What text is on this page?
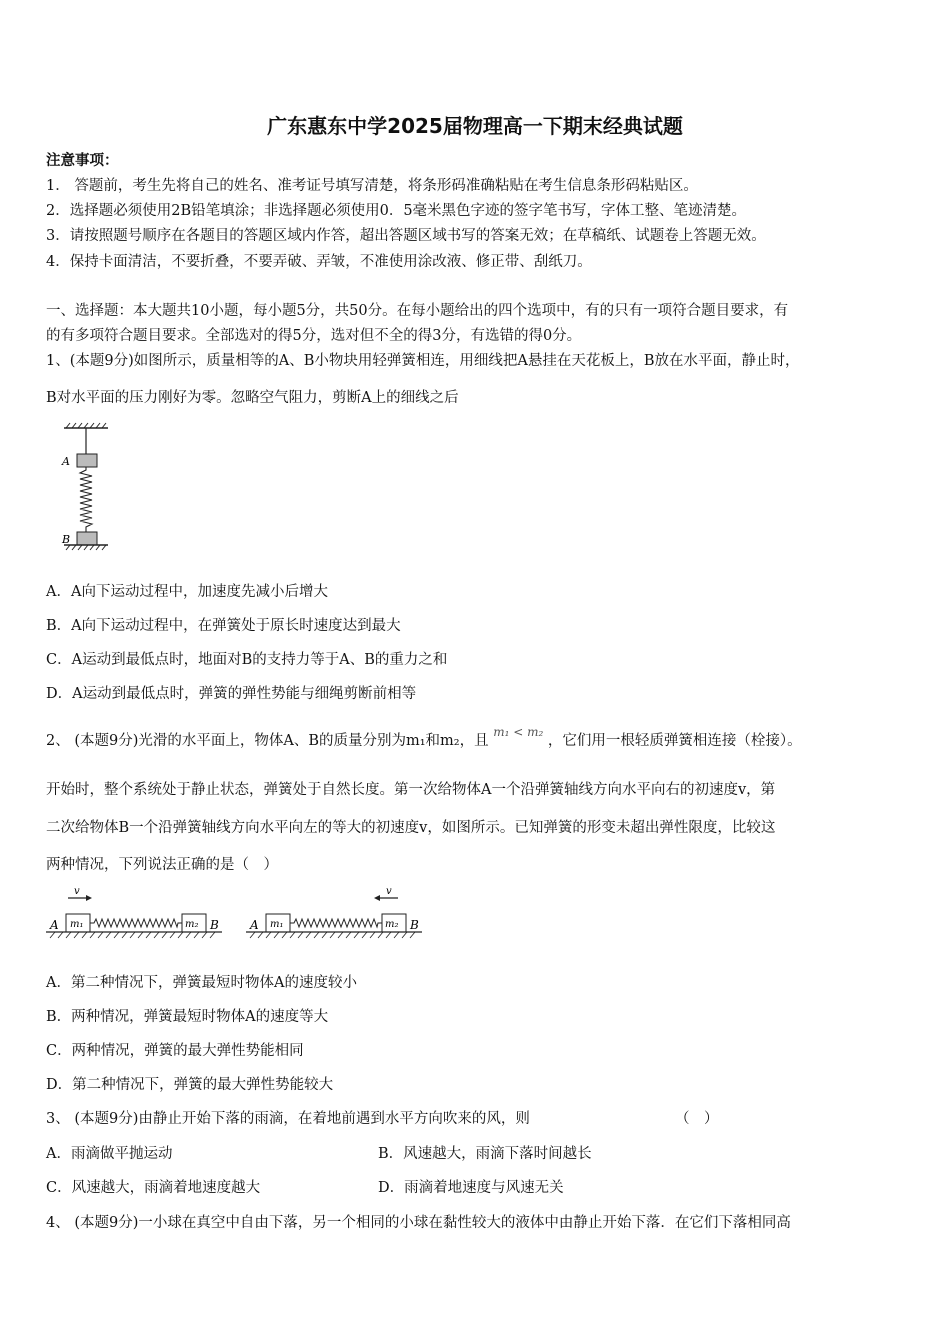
广东惠东中学2025届物理高一下期末经典试题
注意事项：
1． 答题前，考生先将自己的姓名、准考证号填写清楚，将条形码准确粘贴在考生信息条形码粘贴区。
2．选择题必须使用2B铅笔填涂；非选择题必须使用0．5毫米黑色字迹的签字笔书写，字体工整、笔迹清楚。
3．请按照题号顺序在各题目的答题区域内作答，超出答题区域书写的答案无效；在草稿纸、试题卷上答题无效。
4．保持卡面清洁，不要折叠，不要弄破、弄皱，不准使用涂改液、修正带、刮纸刀。
一、选择题：本大题共10小题，每小题5分，共50分。在每小题给出的四个选项中，有的只有一项符合题目要求，有
的有多项符合题目要求。全部选对的得5分，选对但不全的得3分，有选错的得0分。
1、(本题9分)如图所示，质量相等的A、B小物块用轻弹簧相连，用细线把A悬挂在天花板上，B放在水平面，静止时，
B对水平面的压力刚好为零。忽略空气阻力，剪断A上的细线之后
A
B
A．A向下运动过程中，加速度先减小后增大
B．A向下运动过程中，在弹簧处于原长时速度达到最大
C．A运动到最低点时，地面对B的支持力等于A、B的重力之和
D．A运动到最低点时，弹簧的弹性势能与细绳剪断前相等
2、 (本题9分)光滑的水平面上，物体A、B的质量分别为m₁和m₂，且 $^{m_1 < m_2}$ ，它们用一根轻质弹簧相连接（栓接）。
开始时，整个系统处于静止状态，弹簧处于自然长度。第一次给物体A一个沿弹簧轴线方向水平向右的初速度v，第
二次给物体B一个沿弹簧轴线方向水平向左的等大的初速度v，如图所示。已知弹簧的形变未超出弹性限度，比较这
两种情况，下列说法正确的是（　）
v
m₁	m₂
A	B
v
m₁	m₂
A	B
A．第二种情况下，弹簧最短时物体A的速度较小
B．两种情况，弹簧最短时物体A的速度等大
C．两种情况，弹簧的最大弹性势能相同
D．第二种情况下，弹簧的最大弹性势能较大
3、 (本题9分)由静止开始下落的雨滴，在着地前遇到水平方向吹来的风，则	（　）
A．雨滴做平抛运动	B．风速越大，雨滴下落时间越长
C．风速越大，雨滴着地速度越大	D．雨滴着地速度与风速无关
4、 (本题9分)一小球在真空中自由下落，另一个相同的小球在黏性较大的液体中由静止开始下落．在它们下落相同高
